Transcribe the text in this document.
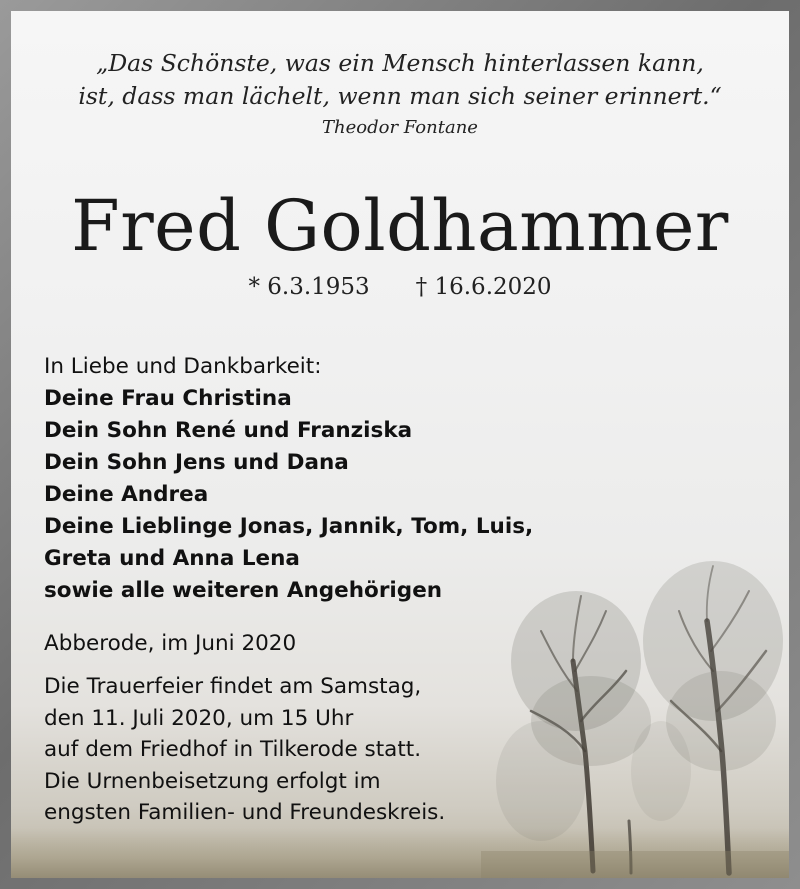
„Das Schönste, was ein Mensch hinterlassen kann,
ist, dass man lächelt, wenn man sich seiner erinnert.“
Theodor Fontane
Fred Goldhammer
* 6.3.1953 † 16.6.2020
In Liebe und Dankbarkeit:
Deine Frau Christina
Dein Sohn René und Franziska
Dein Sohn Jens und Dana
Deine Andrea
Deine Lieblinge Jonas, Jannik, Tom, Luis,
Greta und Anna Lena
sowie alle weiteren Angehörigen
Abberode, im Juni 2020
Die Trauerfeier findet am Samstag,
den 11. Juli 2020, um 15 Uhr
auf dem Friedhof in Tilkerode statt.
Die Urnenbeisetzung erfolgt im
engsten Familien- und Freundeskreis.
